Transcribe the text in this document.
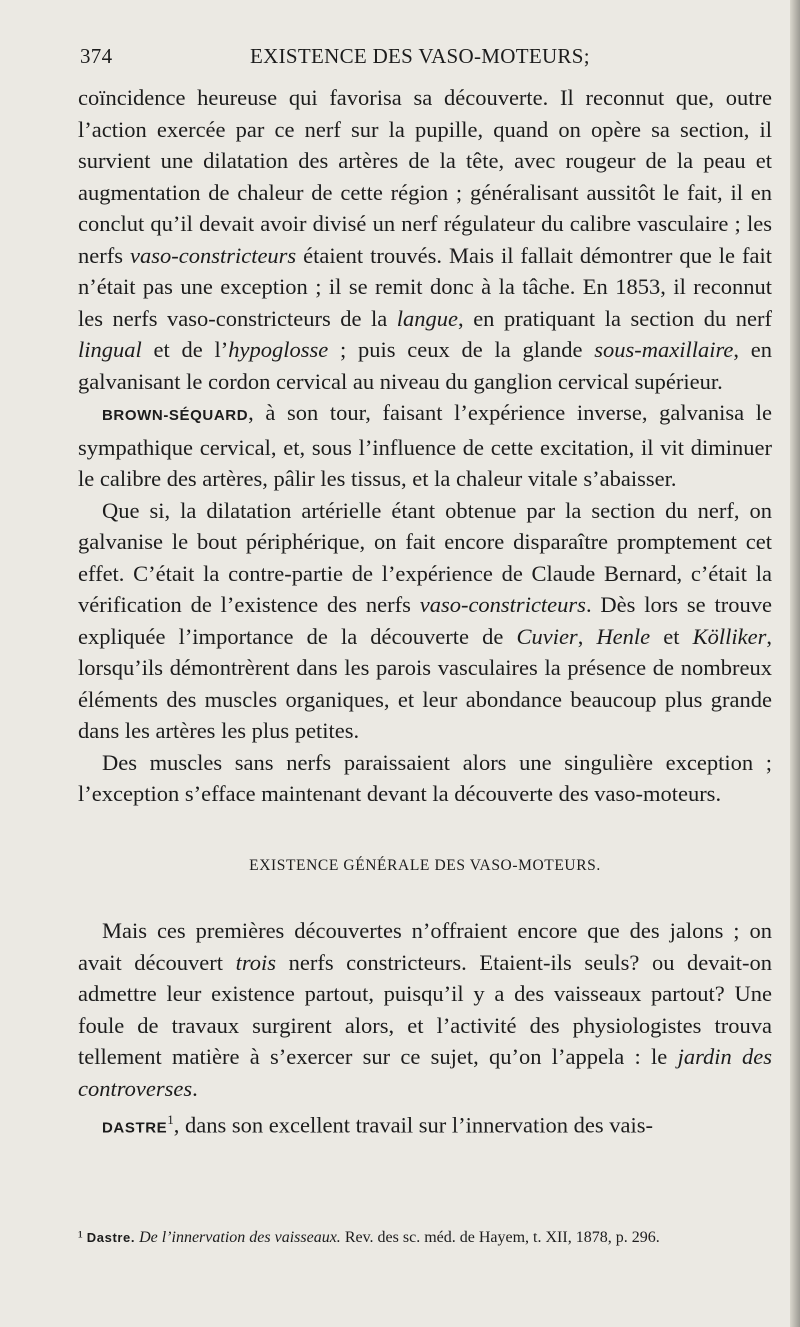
374	EXISTENCE DES VASO-MOTEURS;

coïncidence heureuse qui favorisa sa découverte. Il reconnut que, outre l’action exercée par ce nerf sur la pupille, quand on opère sa section, il survient une dilatation des artères de la tête, avec rougeur de la peau et augmentation de chaleur de cette région ; généralisant aussitôt le fait, il en conclut qu’il devait avoir divisé un nerf régulateur du calibre vasculaire ; les nerfs vaso-constricteurs étaient trouvés. Mais il fallait démontrer que le fait n’était pas une exception ; il se remit donc à la tâche. En 1853, il reconnut les nerfs vaso-constricteurs de la langue, en pratiquant la section du nerf lingual et de l’hypoglosse ; puis ceux de la glande sous-maxillaire, en galvanisant le cordon cervical au niveau du ganglion cervical supérieur.

BROWN-SÉQUARD, à son tour, faisant l’expérience inverse, galvanisa le sympathique cervical, et, sous l’influence de cette excitation, il vit diminuer le calibre des artères, pâlir les tissus, et la chaleur vitale s’abaisser.

Que si, la dilatation artérielle étant obtenue par la section du nerf, on galvanise le bout périphérique, on fait encore disparaître promptement cet effet. C’était la contre-partie de l’expérience de Claude Bernard, c’était la vérification de l’existence des nerfs vaso-constricteurs. Dès lors se trouve expliquée l’importance de la découverte de Cuvier, Henle et Kölliker, lorsqu’ils démontrèrent dans les parois vasculaires la présence de nombreux éléments des muscles organiques, et leur abondance beaucoup plus grande dans les artères les plus petites.

Des muscles sans nerfs paraissaient alors une singulière exception ; l’exception s’efface maintenant devant la découverte des vaso-moteurs.

EXISTENCE GÉNÉRALE DES VASO-MOTEURS.

Mais ces premières découvertes n’offraient encore que des jalons ; on avait découvert trois nerfs constricteurs. Etaient-ils seuls? ou devait-on admettre leur existence partout, puisqu’il y a des vaisseaux partout? Une foule de travaux surgirent alors, et l’activité des physiologistes trouva tellement matière à s’exercer sur ce sujet, qu’on l’appela : le jardin des controverses.

DASTRE$^1$, dans son excellent travail sur l’innervation des vais-

¹ Dastre. De l’innervation des vaisseaux. Rev. des sc. méd. de Hayem, t. XII, 1878, p. 296.
